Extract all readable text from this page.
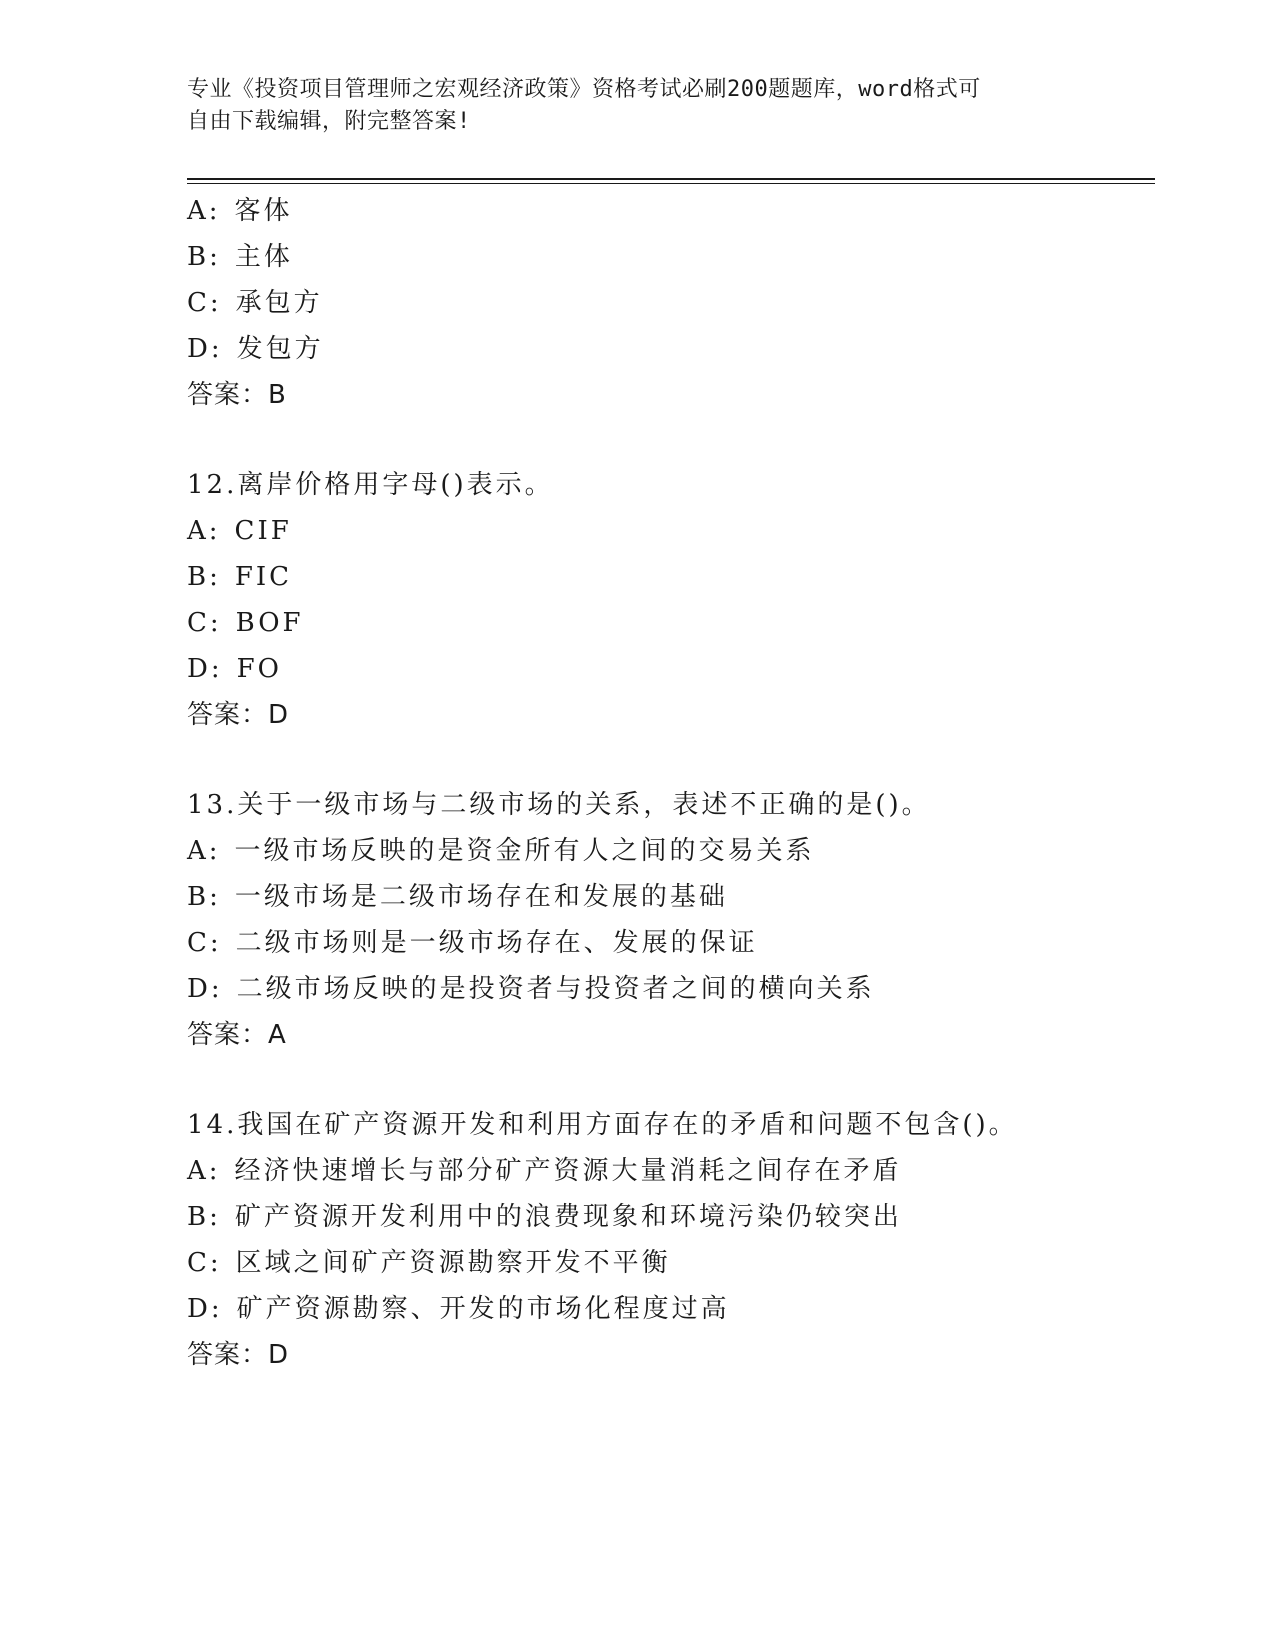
专业《投资项目管理师之宏观经济政策》资格考试必刷200题题库，word格式可
自由下载编辑，附完整答案!
A: 客体
B: 主体
C: 承包方
D: 发包方
答案：B
12.离岸价格用字母()表示。
A: CIF
B: FIC
C: BOF
D: FO
答案：D
13.关于一级市场与二级市场的关系，表述不正确的是()。
A: 一级市场反映的是资金所有人之间的交易关系
B: 一级市场是二级市场存在和发展的基础
C: 二级市场则是一级市场存在、发展的保证
D: 二级市场反映的是投资者与投资者之间的横向关系
答案：A
14.我国在矿产资源开发和利用方面存在的矛盾和问题不包含()。
A: 经济快速增长与部分矿产资源大量消耗之间存在矛盾
B: 矿产资源开发利用中的浪费现象和环境污染仍较突出
C: 区域之间矿产资源勘察开发不平衡
D: 矿产资源勘察、开发的市场化程度过高
答案：D
